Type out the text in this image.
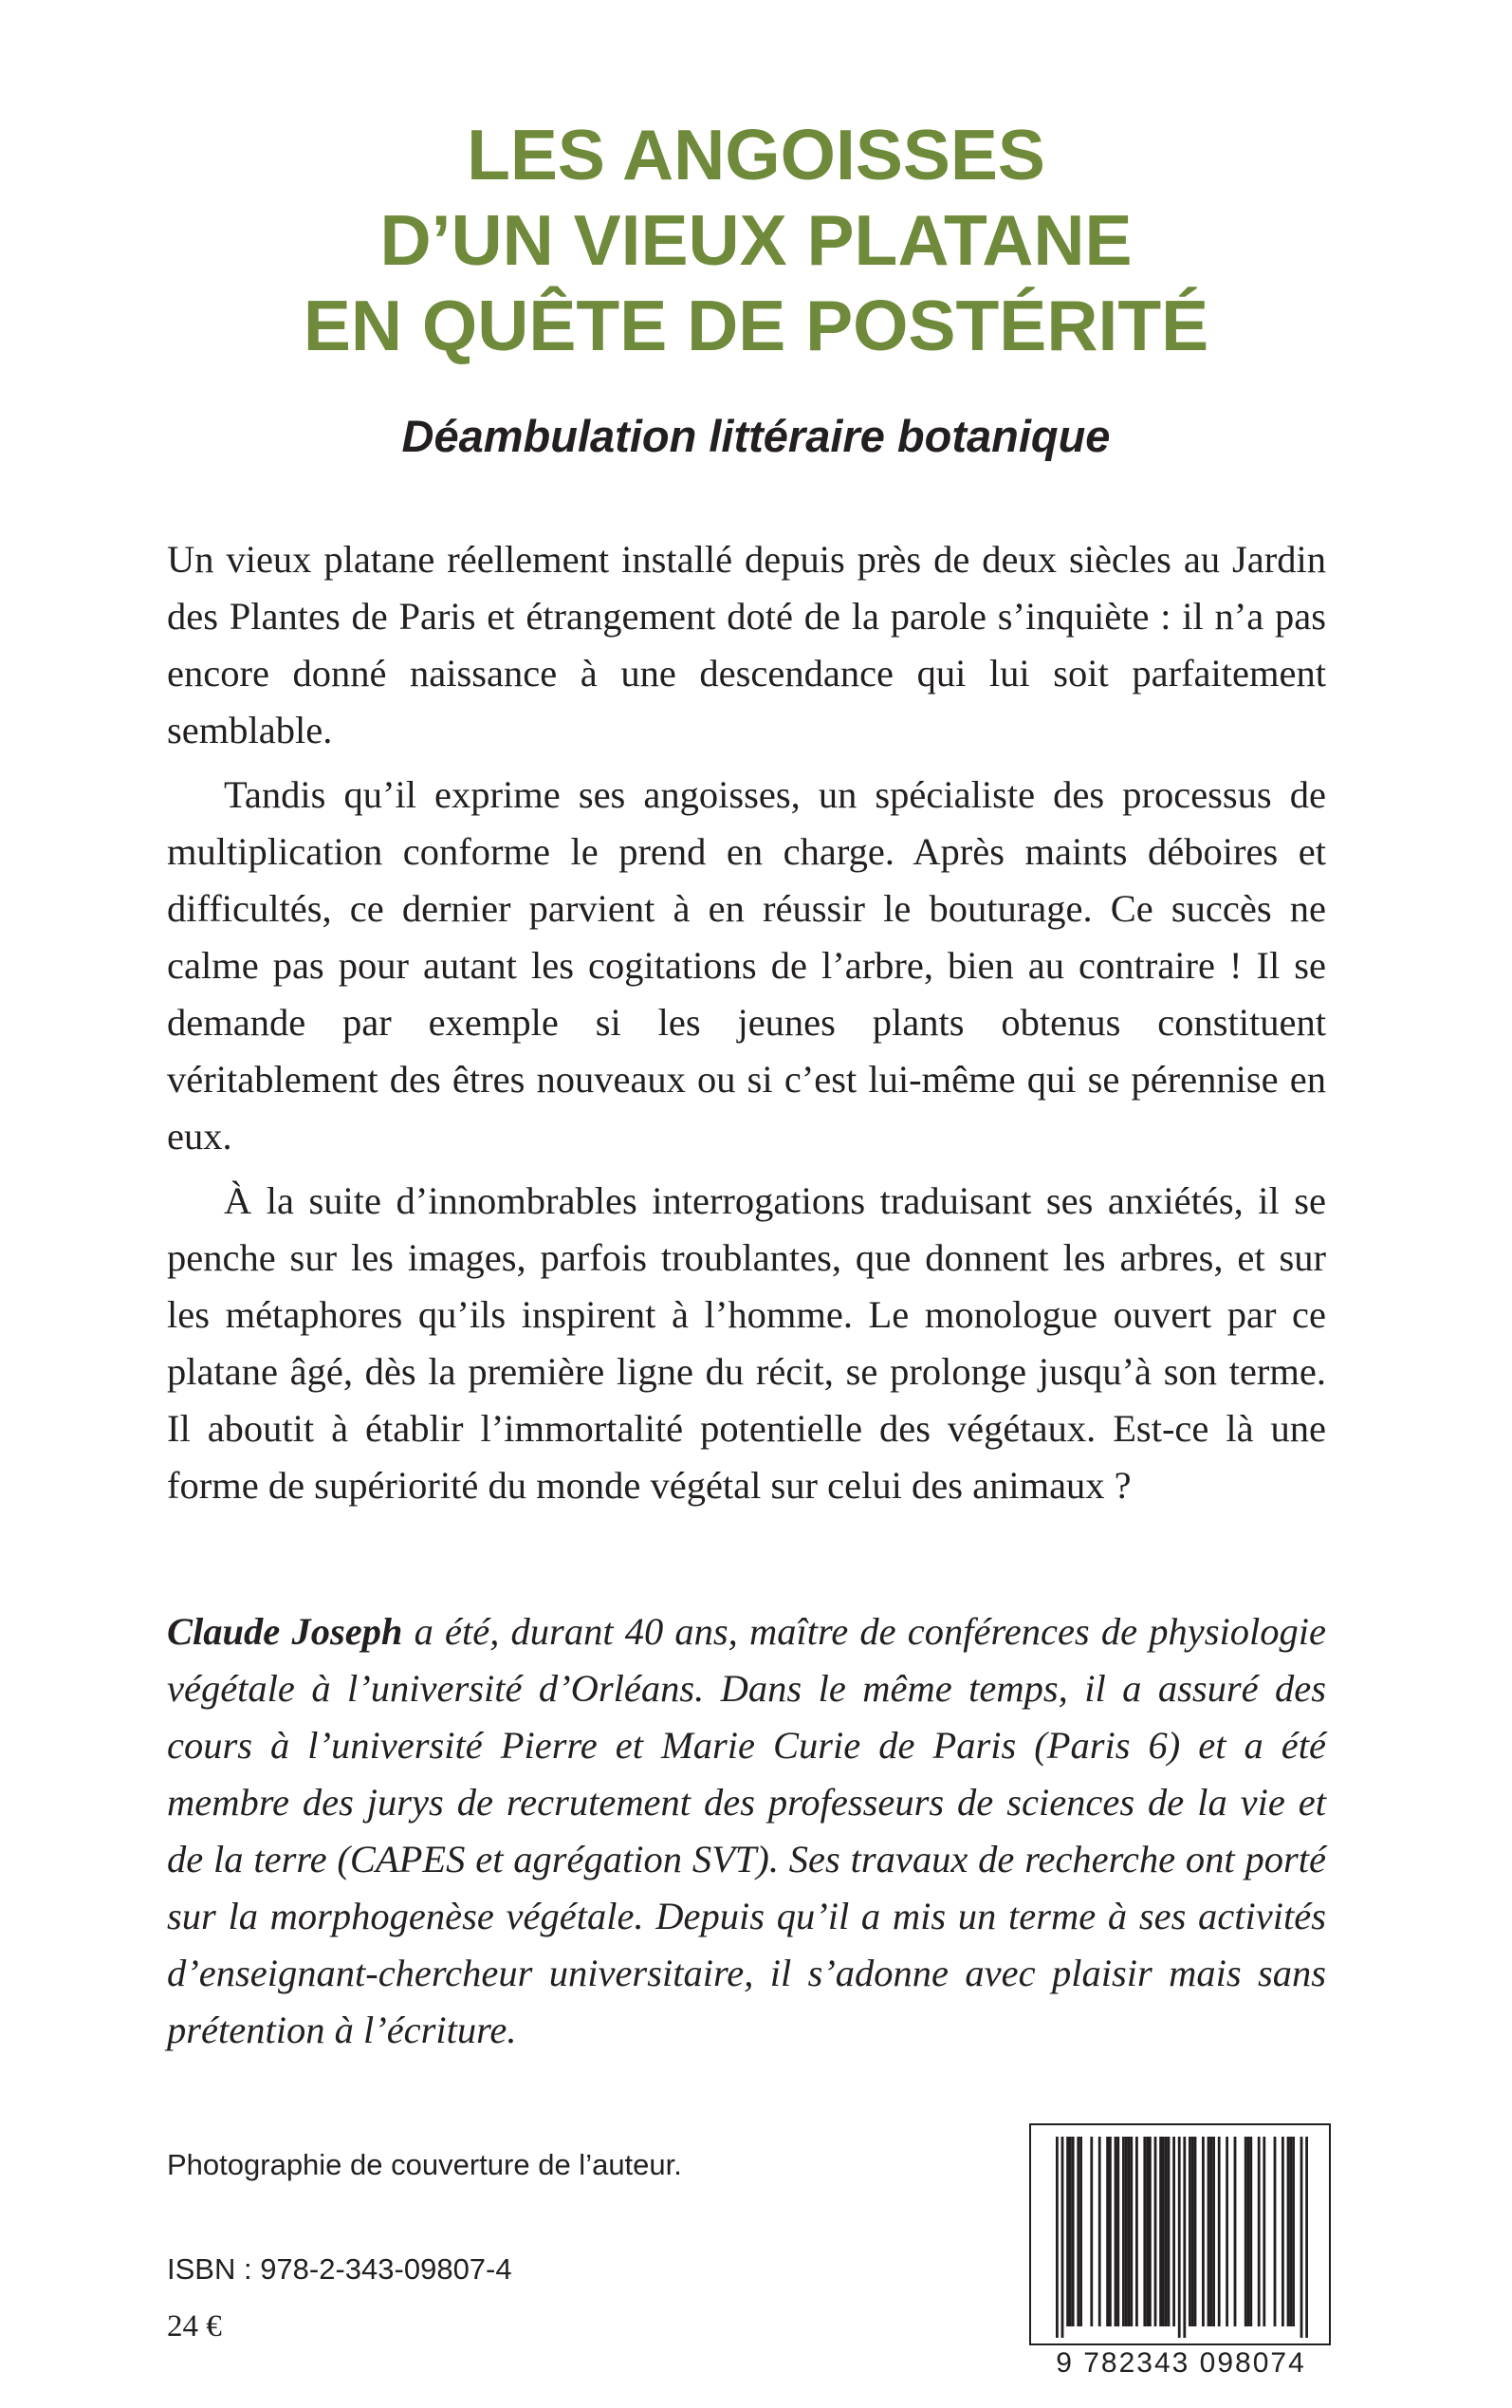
LES ANGOISSES
D’UN VIEUX PLATANE
EN QUÊTE DE POSTÉRITÉ
Déambulation littéraire botanique

Un vieux platane réellement installé depuis près de deux siècles au Jardin des Plantes de Paris et étrangement doté de la parole s’inquiète : il n’a pas encore donné naissance à une descendance qui lui soit parfaitement semblable.

Tandis qu’il exprime ses angoisses, un spécialiste des processus de multiplication conforme le prend en charge. Après maints déboires et difficultés, ce dernier parvient à en réussir le bouturage. Ce succès ne calme pas pour autant les cogitations de l’arbre, bien au contraire ! Il se demande par exemple si les jeunes plants obtenus constituent véritablement des êtres nouveaux ou si c’est lui-même qui se pérennise en eux.

À la suite d’innombrables interrogations traduisant ses anxiétés, il se penche sur les images, parfois troublantes, que donnent les arbres, et sur les métaphores qu’ils inspirent à l’homme. Le monologue ouvert par ce platane âgé, dès la première ligne du récit, se prolonge jusqu’à son terme. Il aboutit à établir l’immortalité potentielle des végétaux. Est-ce là une forme de supériorité du monde végétal sur celui des animaux ?

Claude Joseph a été, durant 40 ans, maître de conférences de physiologie végétale à l’université d’Orléans. Dans le même temps, il a assuré des cours à l’université Pierre et Marie Curie de Paris (Paris 6) et a été membre des jurys de recrutement des professeurs de sciences de la vie et de la terre (CAPES et agrégation SVT). Ses travaux de recherche ont porté sur la morphogenèse végétale. Depuis qu’il a mis un terme à ses activités d’enseignant-chercheur universitaire, il s’adonne avec plaisir mais sans prétention à l’écriture.

Photographie de couverture de l’auteur.
ISBN : 978-2-343-09807-4
24 €
9 782343 098074
